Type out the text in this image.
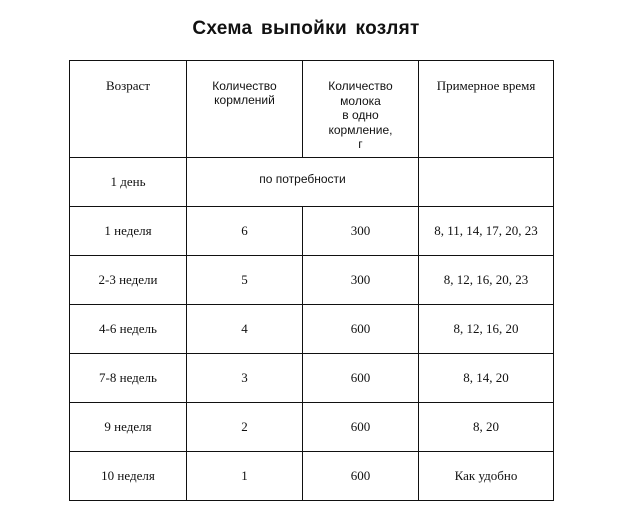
Схема выпойки козлят
Возраст	Количество кормлений	Количество
молока
в одно
кормление,
г	Примерное время

1 день	по потребности		

1 неделя	6	300	8, 11, 14, 17, 20, 23
2-3 недели	5	300	8, 12, 16, 20, 23
4-6 недель	4	600	8, 12, 16, 20
7-8 недель	3	600	8, 14, 20
9 неделя	2	600	8, 20
10 неделя	1	600	Как удобно
